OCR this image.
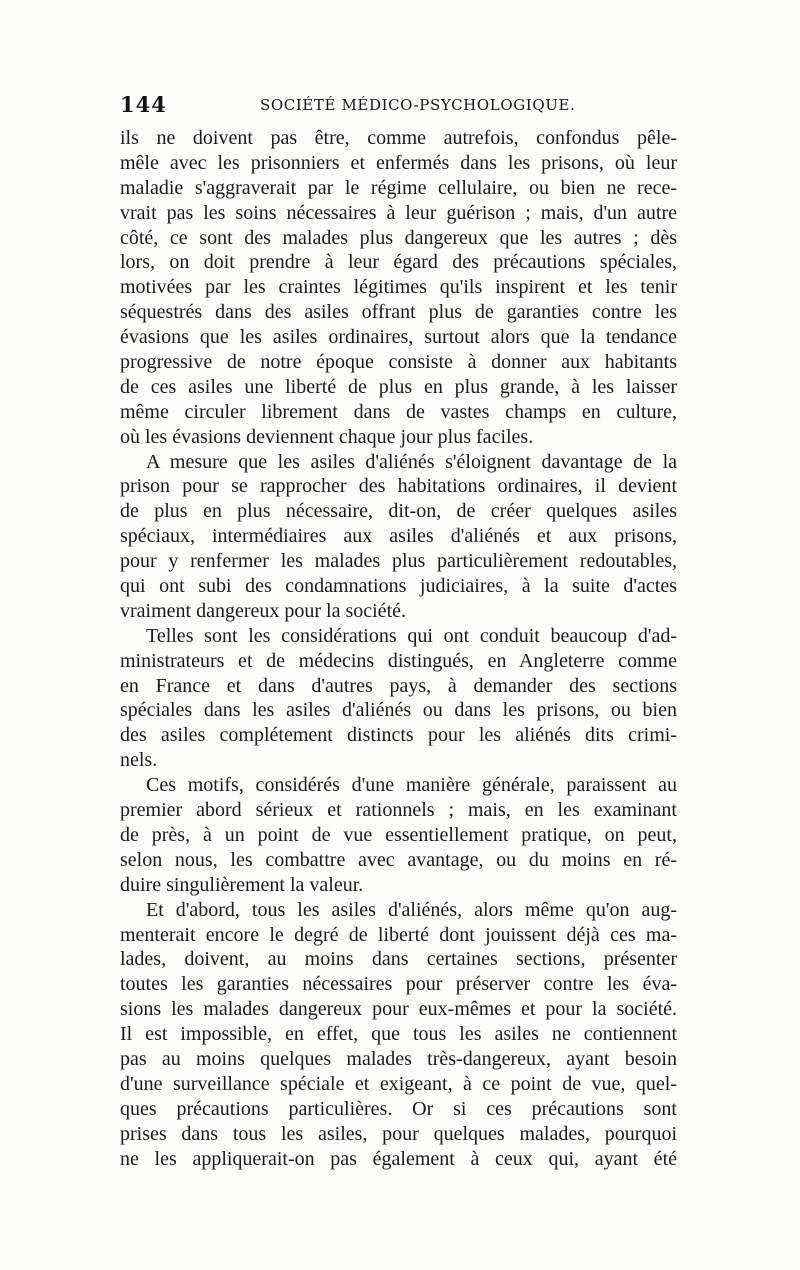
144	SOCIÉTÉ MÉDICO-PSYCHOLOGIQUE.
ils ne doivent pas être, comme autrefois, confondus pêle-
mêle avec les prisonniers et enfermés dans les prisons, où leur
maladie s'aggraverait par le régime cellulaire, ou bien ne rece-
vrait pas les soins nécessaires à leur guérison ; mais, d'un autre
côté, ce sont des malades plus dangereux que les autres ; dès
lors, on doit prendre à leur égard des précautions spéciales,
motivées par les craintes légitimes qu'ils inspirent et les tenir
séquestrés dans des asiles offrant plus de garanties contre les
évasions que les asiles ordinaires, surtout alors que la tendance
progressive de notre époque consiste à donner aux habitants
de ces asiles une liberté de plus en plus grande, à les laisser
même circuler librement dans de vastes champs en culture,
où les évasions deviennent chaque jour plus faciles.
A mesure que les asiles d'aliénés s'éloignent davantage de la
prison pour se rapprocher des habitations ordinaires, il devient
de plus en plus nécessaire, dit-on, de créer quelques asiles
spéciaux, intermédiaires aux asiles d'aliénés et aux prisons,
pour y renfermer les malades plus particulièrement redoutables,
qui ont subi des condamnations judiciaires, à la suite d'actes
vraiment dangereux pour la société.
Telles sont les considérations qui ont conduit beaucoup d'ad-
ministrateurs et de médecins distingués, en Angleterre comme
en France et dans d'autres pays, à demander des sections
spéciales dans les asiles d'aliénés ou dans les prisons, ou bien
des asiles complétement distincts pour les aliénés dits crimi-
nels.
Ces motifs, considérés d'une manière générale, paraissent au
premier abord sérieux et rationnels ; mais, en les examinant
de près, à un point de vue essentiellement pratique, on peut,
selon nous, les combattre avec avantage, ou du moins en ré-
duire singulièrement la valeur.
Et d'abord, tous les asiles d'aliénés, alors même qu'on aug-
menterait encore le degré de liberté dont jouissent déjà ces ma-
lades, doivent, au moins dans certaines sections, présenter
toutes les garanties nécessaires pour préserver contre les éva-
sions les malades dangereux pour eux-mêmes et pour la société.
Il est impossible, en effet, que tous les asiles ne contiennent
pas au moins quelques malades très-dangereux, ayant besoin
d'une surveillance spéciale et exigeant, à ce point de vue, quel-
ques précautions particulières. Or si ces précautions sont
prises dans tous les asiles, pour quelques malades, pourquoi
ne les appliquerait-on pas également à ceux qui, ayant été
